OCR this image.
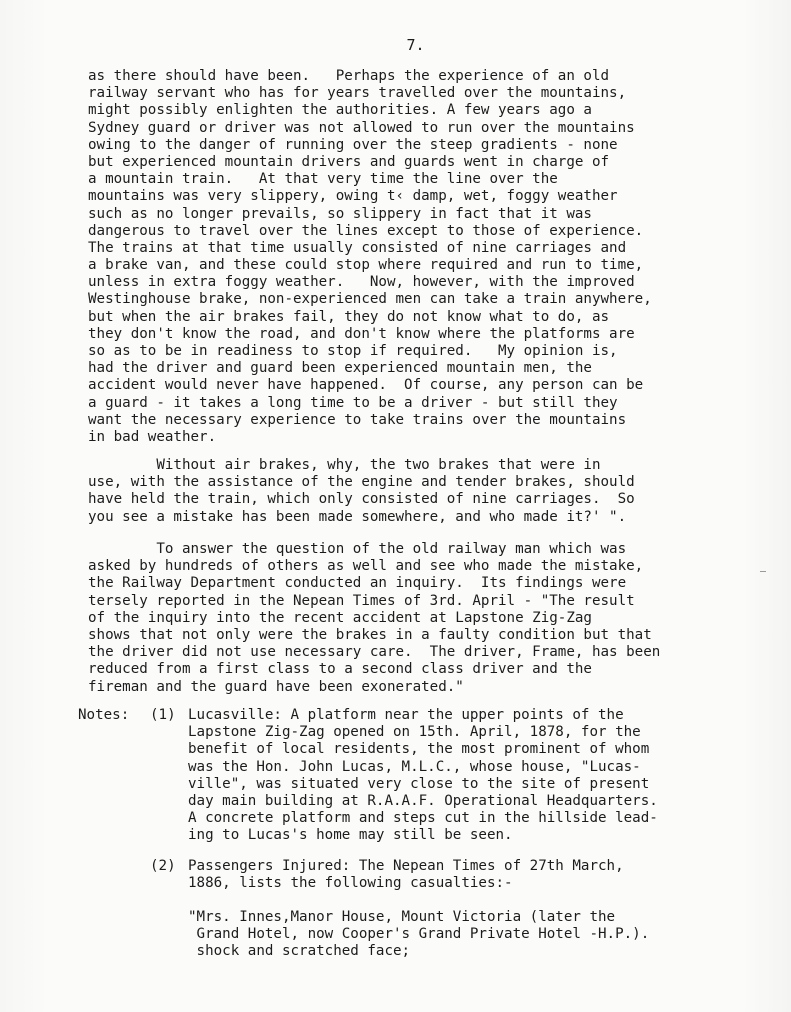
7.
as there should have been.   Perhaps the experience of an old
railway servant who has for years travelled over the mountains,
might possibly enlighten the authorities. A few years ago a
Sydney guard or driver was not allowed to run over the mountains
owing to the danger of running over the steep gradients - none
but experienced mountain drivers and guards went in charge of
a mountain train.   At that very time the line over the
mountains was very slippery, owing t‹ damp, wet, foggy weather
such as no longer prevails, so slippery in fact that it was
dangerous to travel over the lines except to those of experience.
The trains at that time usually consisted of nine carriages and
a brake van, and these could stop where required and run to time,
unless in extra foggy weather.   Now, however, with the improved
Westinghouse brake, non-experienced men can take a train anywhere,
but when the air brakes fail, they do not know what to do, as
they don't know the road, and don't know where the platforms are
so as to be in readiness to stop if required.   My opinion is,
had the driver and guard been experienced mountain men, the
accident would never have happened.  Of course, any person can be
a guard - it takes a long time to be a driver - but still they
want the necessary experience to take trains over the mountains
in bad weather.
Without air brakes, why, the two brakes that were in
use, with the assistance of the engine and tender brakes, should
have held the train, which only consisted of nine carriages.  So
you see a mistake has been made somewhere, and who made it?' ".
To answer the question of the old railway man which was
asked by hundreds of others as well and see who made the mistake,
the Railway Department conducted an inquiry.  Its findings were
tersely reported in the Nepean Times of 3rd. April - "The result
of the inquiry into the recent accident at Lapstone Zig-Zag
shows that not only were the brakes in a faulty condition but that
the driver did not use necessary care.  The driver, Frame, has been
reduced from a first class to a second class driver and the
fireman and the guard have been exonerated."
Notes: (1) Lucasville: A platform near the upper points of the
Lapstone Zig-Zag opened on 15th. April, 1878, for the
benefit of local residents, the most prominent of whom
was the Hon. John Lucas, M.L.C., whose house, "Lucas-
ville", was situated very close to the site of present
day main building at R.A.A.F. Operational Headquarters.
A concrete platform and steps cut in the hillside lead-
ing to Lucas's home may still be seen.
(2) Passengers Injured: The Nepean Times of 27th March,
1886, lists the following casualties:-
"Mrs. Innes,Manor House, Mount Victoria (later the
Grand Hotel, now Cooper's Grand Private Hotel -H.P.).
shock and scratched face;
